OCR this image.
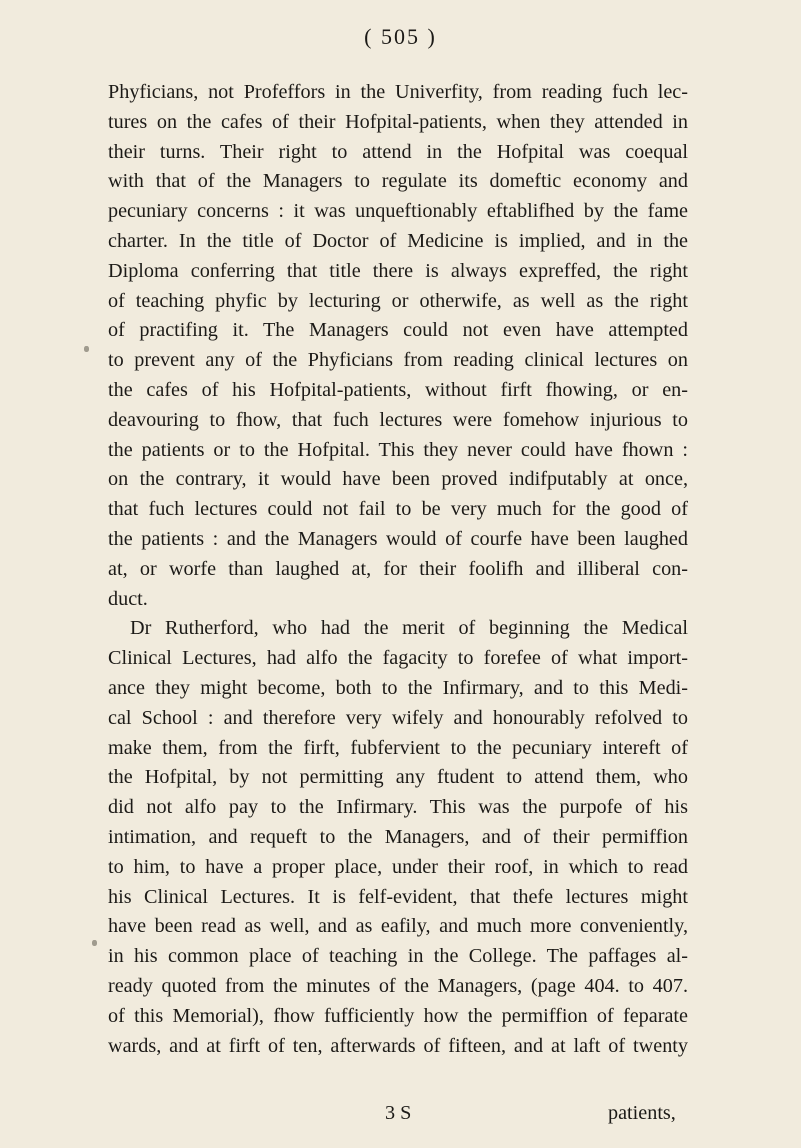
( 505 )
Phyficians, not Profeffors in the Univerfity, from reading fuch lec-
tures on the cafes of their Hofpital-patients, when they attended in
their turns. Their right to attend in the Hofpital was coequal
with that of the Managers to regulate its domeftic economy and
pecuniary concerns : it was unqueftionably eftablifhed by the fame
charter. In the title of Doctor of Medicine is implied, and in the
Diploma conferring that title there is always expreffed, the right
of teaching phyfic by lecturing or otherwife, as well as the right
of practifing it. The Managers could not even have attempted
to prevent any of the Phyficians from reading clinical lectures on
the cafes of his Hofpital-patients, without firft fhowing, or en-
deavouring to fhow, that fuch lectures were fomehow injurious to
the patients or to the Hofpital. This they never could have fhown :
on the contrary, it would have been proved indifputably at once,
that fuch lectures could not fail to be very much for the good of
the patients : and the Managers would of courfe have been laughed
at, or worfe than laughed at, for their foolifh and illiberal con-
duct.
Dr Rutherford, who had the merit of beginning the Medical
Clinical Lectures, had alfo the fagacity to forefee of what import-
ance they might become, both to the Infirmary, and to this Medi-
cal School : and therefore very wifely and honourably refolved to
make them, from the firft, fubfervient to the pecuniary intereft of
the Hofpital, by not permitting any ftudent to attend them, who
did not alfo pay to the Infirmary. This was the purpofe of his
intimation, and requeft to the Managers, and of their permiffion
to him, to have a proper place, under their roof, in which to read
his Clinical Lectures. It is felf-evident, that thefe lectures might
have been read as well, and as eafily, and much more conveniently,
in his common place of teaching in the College. The paffages al-
ready quoted from the minutes of the Managers, (page 404. to 407.
of this Memorial), fhow fufficiently how the permiffion of feparate
wards, and at firft of ten, afterwards of fifteen, and at laft of twenty
3 S	patients,
